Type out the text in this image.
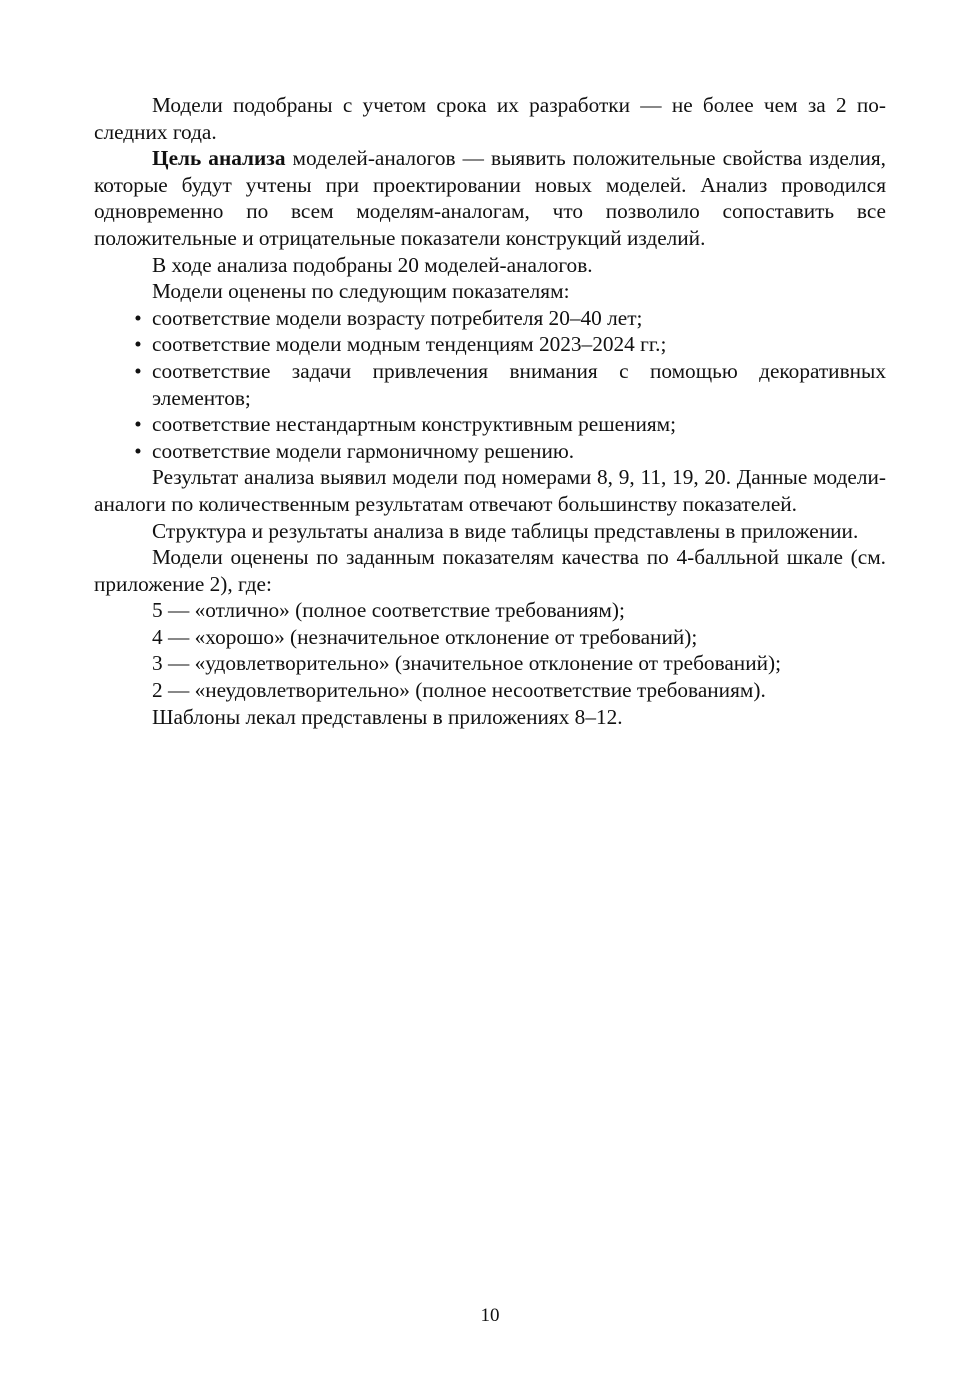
Модели подобраны с учетом срока их разработки — не более чем за 2 последних года.

Цель анализа моделей-аналогов — выявить положительные свойства изделия, которые будут учтены при проектировании новых моделей. Анализ проводился одновременно по всем моделям-аналогам, что позволило сопоставить все положительные и отрицательные показатели конструкций изделий.

В ходе анализа подобраны 20 моделей-аналогов.

Модели оценены по следующим показателям:

• соответствие модели возрасту потребителя 20–40 лет;
• соответствие модели модным тенденциям 2023–2024 гг.;
• соответствие задачи привлечения внимания с помощью декоративных элементов;
• соответствие нестандартным конструктивным решениям;
• соответствие модели гармоничному решению.

Результат анализа выявил модели под номерами 8, 9, 11, 19, 20. Данные модели-аналоги по количественным результатам отвечают большинству показателей.

Структура и результаты анализа в виде таблицы представлены в приложении.

Модели оценены по заданным показателям качества по 4-балльной шкале (см. приложение 2), где:

5 — «отлично» (полное соответствие требованиям);
4 — «хорошо» (незначительное отклонение от требований);
3 — «удовлетворительно» (значительное отклонение от требований);
2 — «неудовлетворительно» (полное несоответствие требованиям).

Шаблоны лекал представлены в приложениях 8–12.

10
